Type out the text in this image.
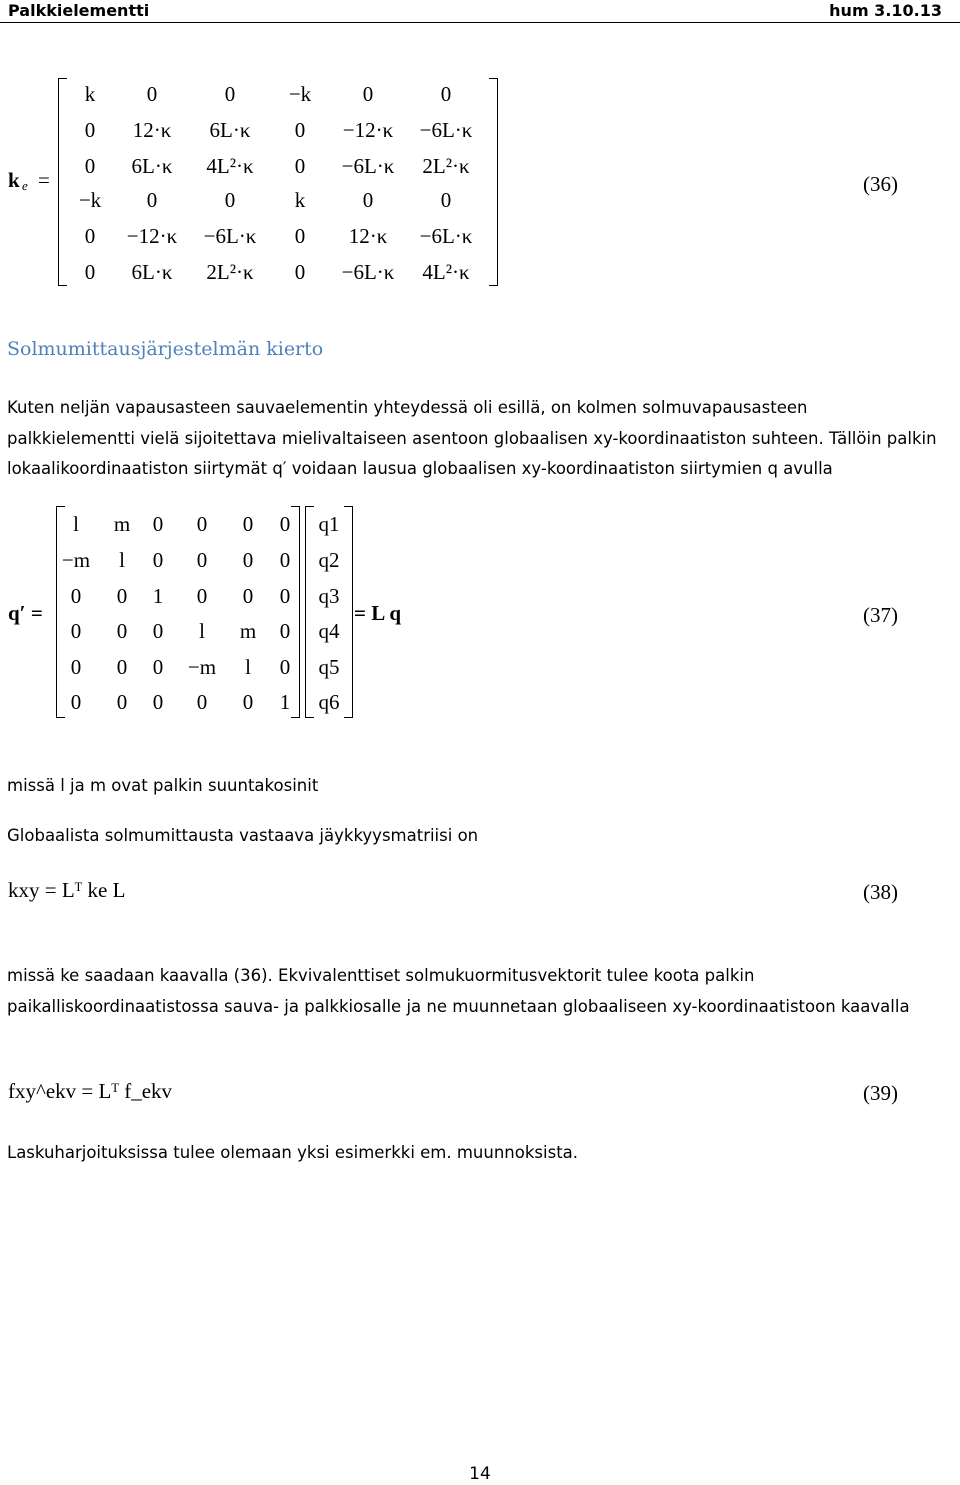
Palkkielementti	hum 3.10.13
k e =
k	0	0	−k	0	0
0	12·κ	6L·κ	0	−12·κ	−6L·κ
0	6L·κ	4L²·κ	0	−6L·κ	2L²·κ
−k	0	0	k	0	0
0	−12·κ	−6L·κ	0	12·κ	−6L·κ
0	6L·κ	2L²·κ	0	−6L·κ	4L²·κ
(36)
Solmumittausjärjestelmän kierto
Kuten neljän vapausasteen sauvaelementin yhteydessä oli esillä, on kolmen solmuvapausasteen palkkielementti vielä sijoitettava mielivaltaiseen asentoon globaalisen xy-koordinaatiston suhteen. Tällöin palkin lokaalikoordinaatiston siirtymät q′ voidaan lausua globaalisen xy-koordinaatiston siirtymien q avulla
q′ =
l	m	0	0	0	0
−m	l	0	0	0	0
0	0	1	0	0	0
0	0	0	l	m	0
0	0	0	−m	l	0
0	0	0	0	0	1
q1
q2
q3
q4
q5
q6
= L q	(37)
missä l ja m ovat palkin suuntakosinit
Globaalista solmumittausta vastaava jäykkyysmatriisi on
kxy = Lᵀ ke L	(38)
missä ke saadaan kaavalla (36). Ekvivalenttiset solmukuormitusvektorit tulee koota palkin paikalliskoordinaatistossa sauva- ja palkkiosalle ja ne muunnetaan globaaliseen xy-koordinaatistoon kaavalla
fxy^ekv = Lᵀ f_ekv	(39)
Laskuharjoituksissa tulee olemaan yksi esimerkki em. muunnoksista.
14
